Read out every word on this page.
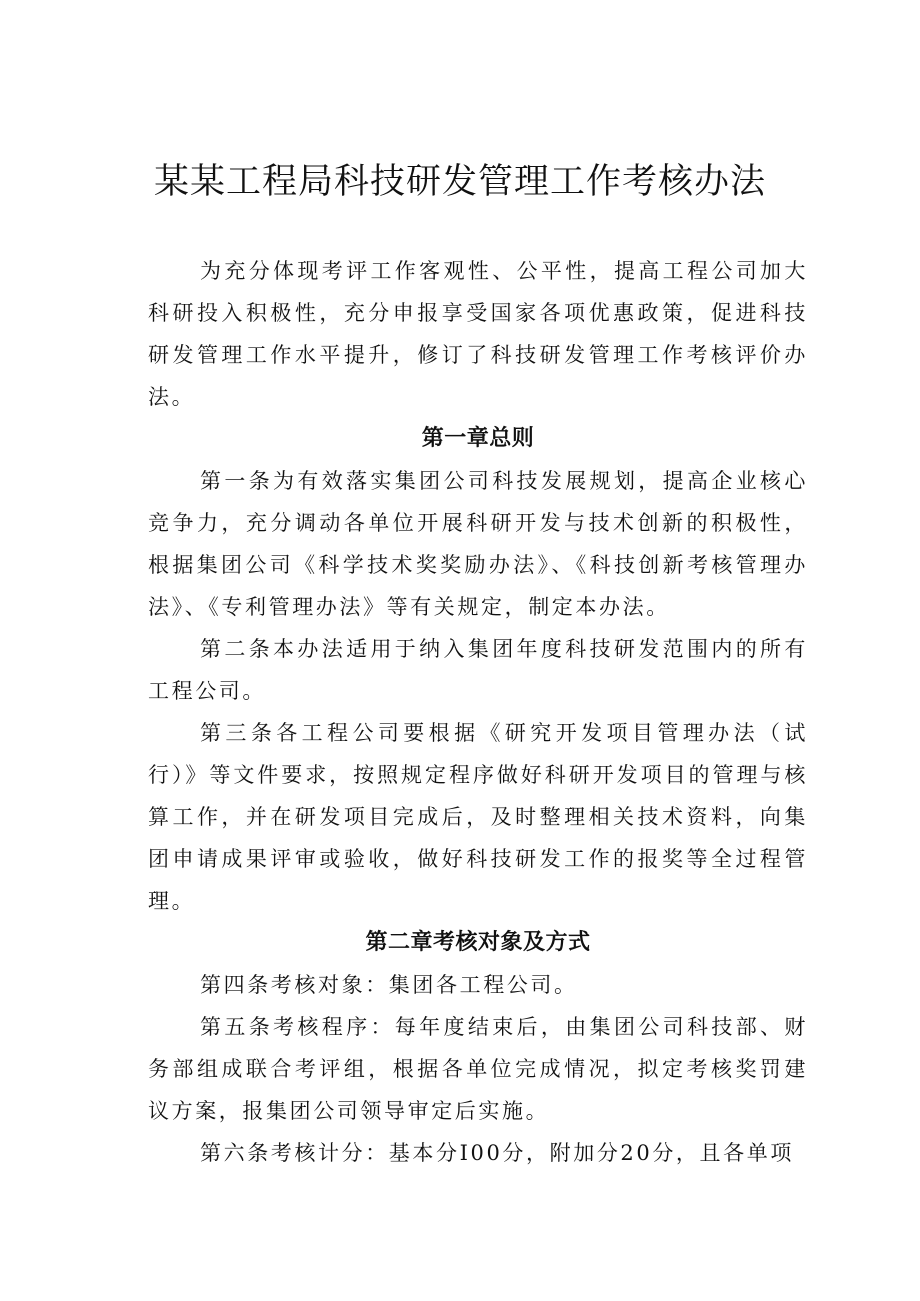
某某工程局科技研发管理工作考核办法

为充分体现考评工作客观性、公平性，提高工程公司加大科研投入积极性，充分申报享受国家各项优惠政策，促进科技研发管理工作水平提升，修订了科技研发管理工作考核评价办法。

第一章总则

第一条为有效落实集团公司科技发展规划，提高企业核心竞争力，充分调动各单位开展科研开发与技术创新的积极性，根据集团公司《科学技术奖奖励办法》、《科技创新考核管理办法》、《专利管理办法》等有关规定，制定本办法。

第二条本办法适用于纳入集团年度科技研发范围内的所有工程公司。

第三条各工程公司要根据《研究开发项目管理办法（试行）》等文件要求，按照规定程序做好科研开发项目的管理与核算工作，并在研发项目完成后，及时整理相关技术资料，向集团申请成果评审或验收，做好科技研发工作的报奖等全过程管理。

第二章考核对象及方式

第四条考核对象：集团各工程公司。

第五条考核程序：每年度结束后，由集团公司科技部、财务部组成联合考评组，根据各单位完成情况，拟定考核奖罚建议方案，报集团公司领导审定后实施。

第六条考核计分：基本分I00分，附加分20分，且各单项
